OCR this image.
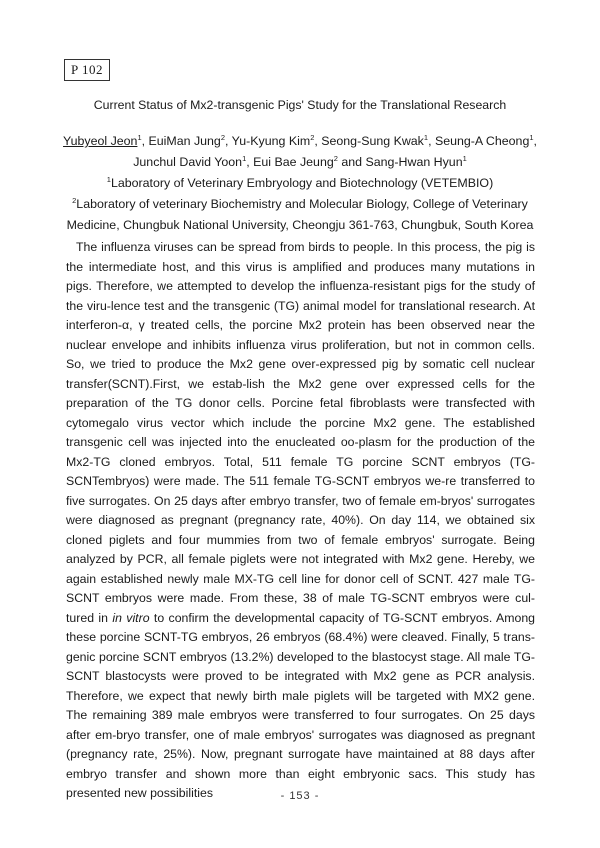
P 102
Current Status of Mx2-transgenic Pigs' Study for the Translational Research
Yubyeol Jeon$^1$, EuiMan Jung$^2$, Yu-Kyung Kim$^2$, Seong-Sung Kwak$^1$, Seung-A Cheong$^1$,
Junchul David Yoon$^1$, Eui Bae Jeung$^2$ and Sang-Hwan Hyun$^1$
$^1$Laboratory of Veterinary Embryology and Biotechnology (VETEMBIO)
$^2$Laboratory of veterinary Biochemistry and Molecular Biology, College of Veterinary
Medicine, Chungbuk National University, Cheongju 361-763, Chungbuk, South Korea

The influenza viruses can be spread from birds to people. In this process, the pig is the intermediate host, and this virus is amplified and produces many mutations in pigs. Therefore, we attempted to develop the influenza-resistant pigs for the study of the viru-lence test and the transgenic (TG) animal model for translational research. At interferon-α, γ treated cells, the porcine Mx2 protein has been observed near the nuclear envelope and inhibits influenza virus proliferation, but not in common cells. So, we tried to produce the Mx2 gene over-expressed pig by somatic cell nuclear transfer(SCNT).First, we estab-lish the Mx2 gene over expressed cells for the preparation of the TG donor cells. Porcine fetal fibroblasts were transfected with cytomegalo virus vector which include the porcine Mx2 gene. The established transgenic cell was injected into the enucleated oo-plasm for the production of the Mx2-TG cloned embryos. Total, 511 female TG porcine SCNT embryos (TG-SCNTembryos) were made. The 511 female TG-SCNT embryos we-re transferred to five surrogates. On 25 days after embryo transfer, two of female em-bryos' surrogates were diagnosed as pregnant (pregnancy rate, 40%). On day 114, we obtained six cloned piglets and four mummies from two of female embryos' surrogate. Being analyzed by PCR, all female piglets were not integrated with Mx2 gene. Hereby, we again established newly male MX-TG cell line for donor cell of SCNT. 427 male TG-SCNT embryos were made. From these, 38 of male TG-SCNT embryos were cul-tured in in vitro to confirm the developmental capacity of TG-SCNT embryos. Among these porcine SCNT-TG embryos, 26 embryos (68.4%) were cleaved. Finally, 5 trans-genic porcine SCNT embryos (13.2%) developed to the blastocyst stage. All male TG-SCNT blastocysts were proved to be integrated with Mx2 gene as PCR analysis. Therefore, we expect that newly birth male piglets will be targeted with MX2 gene. The remaining 389 male embryos were transferred to four surrogates. On 25 days after em-bryo transfer, one of male embryos' surrogates was diagnosed as pregnant (pregnancy rate, 25%). Now, pregnant surrogate have maintained at 88 days after embryo transfer and shown more than eight embryonic sacs. This study has presented new possibilities	- 153 -
